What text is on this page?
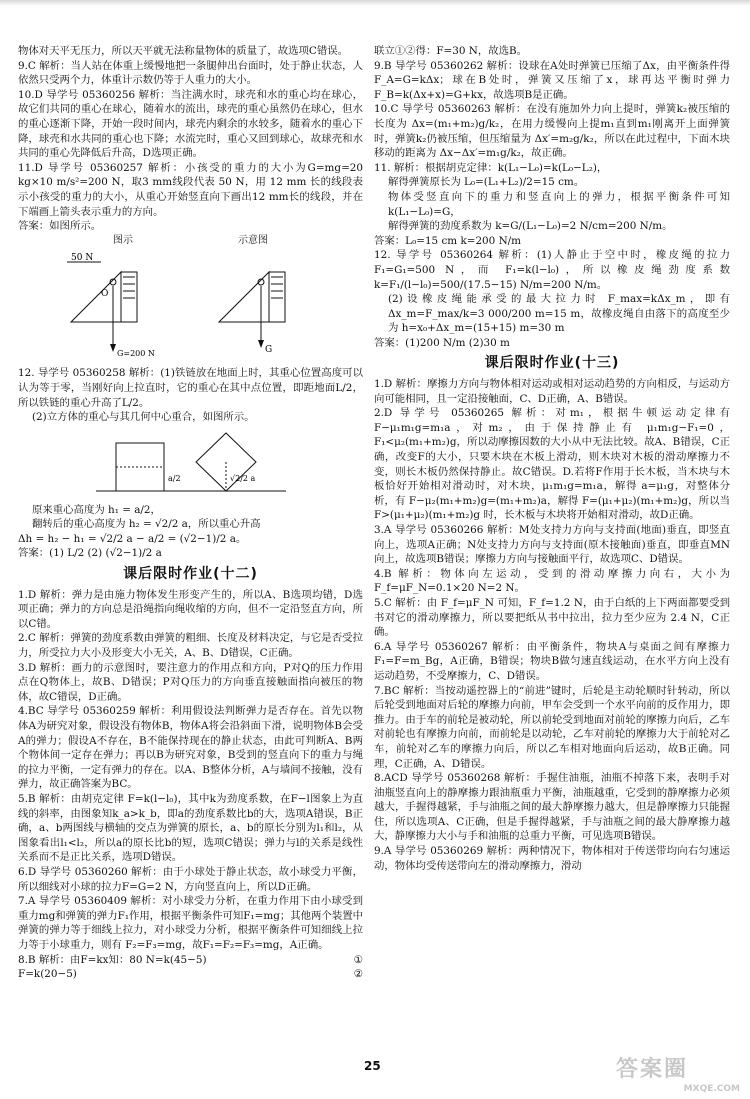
物体对天平无压力，所以天平就无法称量物体的质量了，故选项C错误。

9.C 解析：当人站在体重上缓慢地把一条腿伸出台面时，处于静止状态，人依然只受两个力，体重计示数仍等于人重力的大小。

10.D 导学号 05360256 解析：当注满水时，球壳和水的重心均在球心，故它们共同的重心在球心，随着水的流出，球壳的重心虽然仍在球心，但水的重心逐渐下降，开始一段时间内，球壳内剩余的水较多，随着水的重心下降，球壳和水共同的重心也下降；水流完时，重心又回到球心，故球壳和水共同的重心先降低后升高，D选项正确。

11.D 导学号 05360257 解析：小孩受的重力的大小为G=mg=20 kg×10 m/s²=200 N，取3 mm线段代表 50 N，用 12 mm 长的线段表示小孩受的重力的大小，从重心开始竖直向下画出12 mm长的线段，并在下端画上箭头表示重力的方向。

答案：如图所示。

图示	示意图
50 N
O
G=200 N	G

12. 导学号 05360258 解析：(1)铁链放在地面上时，其重心位置高度可以认为等于零，当刚好向上拉直时，它的重心在其中点位置，即距地面L/2，所以铁链的重心升高了L/2。

(2)立方体的重心与其几何中心重合，如图所示。

a/2	√2/2 a

原来重心高度为 h₁ = a/2，

翻转后的重心高度为 h₂ = √2/2 a，所以重心升高

Δh = h₂ − h₁ = √2/2 a − a/2 = (√2−1)/2 a。

答案：(1) L/2 (2) (√2−1)/2 a

课后限时作业(十二)

1.D 解析：弹力是由施力物体发生形变产生的，所以A、B选项均错，D选项正确；弹力的方向总是沿绳指向绳收缩的方向，但不一定沿竖直方向，所以C错。

2.C 解析：弹簧的劲度系数由弹簧的粗细、长度及材料决定，与它是否受拉力，所受拉力大小及形变大小无关，A、B、D错误，C正确。

3.D 解析：画力的示意图时，要注意力的作用点和方向，P对Q的压力作用点在Q物体上，故B、D错误；P对Q压力的方向垂直接触面指向被压的物体，故C错误，D正确。

4.BC 导学号 05360259 解析：利用假设法判断弹力是否存在。首先以物体A为研究对象，假设没有物体B，物体A将会沿斜面下滑，说明物体B会受A的弹力；假设A不存在，B不能保持现在的静止状态，由此可判断A、B两个物体间一定存在弹力；再以B为研究对象，B受到的竖直向下的重力与绳的拉力平衡，一定有弹力的存在。以A、B整体分析，A与墙间不接触，没有弹力，故正确答案为BC。

5.B 解析：由胡克定律 F=k(l−l₀)，其中k为劲度系数，在F−l图象上为直线的斜率，由图象知k_a>k_b，即a的劲度系数比b的大，选项A错误，B正确，a、b两图线与横轴的交点为弹簧的原长，a、b的原长分别为l₁和l₂，从图象看出l₁<l₂，所以a的原长比b的短，选项C错误；弹力与l的关系是线性关系而不是正比关系，选项D错误。

6.D 导学号 05360260 解析：由于小球处于静止状态，故小球受力平衡，所以细线对小球的拉力F=G=2 N，方向竖直向上，所以D正确。

7.A 导学号 05360409 解析：对小球受力分析，在重力作用下由小球受到重力mg和弹簧的弹力F₁作用，根据平衡条件可知F₁=mg；其他两个装置中弹簧的弹力等于细线上拉力，对小球受力分析，根据平衡条件可知细线上拉力等于小球重力，则有 F₂=F₃=mg，故F₁=F₂=F₃=mg，A正确。

8.B 解析：由F=kx知：80 N=k(45−5)	①
F=k(20−5)	②

联立①②得：F=30 N，故选B。

9.B 导学号 05360262 解析：设球在A处时弹簧已压缩了Δx，由平衡条件得 F_A=G=kΔx；球在B处时，弹簧又压缩了x，球再达平衡时弹力 F_B=k(Δx+x)=G+kx，故选项B是正确。

10.C 导学号 05360263 解析：在没有施加外力向上提时，弹簧k₂被压缩的长度为 Δx=(m₁+m₂)g/k₂，在用力缓慢向上提m₁直到m₁刚离开上面弹簧时，弹簧k₂仍被压缩，但压缩量为 Δx′=m₂g/k₂，所以在此过程中，下面木块移动的距离为 Δx−Δx′=m₁g/k₂，故正确。

11. 解析：根据胡克定律：k(L₁−L₀)=k(L₀−L₂)，

解得弹簧原长为 L₀=(L₁+L₂)/2=15 cm。

物体受竖直向下的重力和竖直向上的弹力，根据平衡条件可知 k(L₁−L₀)=G，

解得弹簧的劲度系数为 k=G/(L₁−L₀)=2 N/cm=200 N/m。

答案：L₀=15 cm k=200 N/m

12. 导学号 05360264 解析：(1)人静止于空中时，橡皮绳的拉力 F₁=G₁=500 N，而 F₁=k(l−l₀)，所以橡皮绳劲度系数 k=F₁/(l−l₀)=500/(17.5−15) N/m=200 N/m。

(2)设橡皮绳能承受的最大拉力时 F_max=kΔx_m，即有 Δx_m=F_max/k=3 000/200 m=15 m，故橡皮绳自由落下的高度至少为 h=x₀+Δx_m=(15+15) m=30 m

答案：(1)200 N/m (2)30 m

课后限时作业(十三)

1.D 解析：摩擦力方向与物体相对运动或相对运动趋势的方向相反，与运动方向可能相同，且一定沿接触面，C、D正确，A、B错误。

2.D 导学号 05360265 解析：对m₁，根据牛顿运动定律有 F−μ₁m₁g=m₁a，对m₂，由于保持静止有 μ₁m₁g−F₁=0，F₁<μ₂(m₁+m₂)g，所以动摩擦因数的大小从中无法比较。故A、B错误，C正确，改变F的大小，只要木块在木板上滑动，则木块对木板的滑动摩擦力不变，则长木板仍然保持静止。故C错误。D.若将F作用于长木板，当木块与木板恰好开始相对滑动时，对木块，μ₁m₁g=m₁a，解得 a=μ₁g，对整体分析，有 F−μ₂(m₁+m₂)g=(m₁+m₂)a，解得 F=(μ₁+μ₂)(m₁+m₂)g，所以当 F>(μ₁+μ₂)(m₁+m₂)g 时，长木板与木块将开始相对滑动，故D正确。

3.A 导学号 05360266 解析：M处支持力方向与支持面(地面)垂直，即竖直向上，选项A正确；N处支持力方向与支持面(原木接触面)垂直，即垂直MN向上，故选项B错误；摩擦力方向与接触面平行，故选项C、D错误。

4.B 解析：物体向左运动，受到的滑动摩擦力向右，大小为 F_f=μF_N=0.1×20 N=2 N。

5.C 解析：由 F_f=μF_N 可知，F_f=1.2 N，由于白纸的上下两面都要受到书对它的滑动摩擦力，所以要把纸从书中拉出，拉力至少应为 2.4 N，C正确。

6.A 导学号 05360267 解析：由平衡条件，物块A与桌面之间有摩擦力 F₁=F=m_Bg，A正确，B错误；物块B做匀速直线运动，在水平方向上没有运动趋势，不受摩擦力，C、D错误。

7.BC 解析：当按动遥控器上的“前进”键时，后轮是主动轮顺时针转动，所以后轮受到地面对后轮的摩擦力向前，甲车会受到一个水平向前的反作用力，即推力。由于车的前轮是被动轮，所以前轮受到地面对前轮的摩擦力向后，乙车对前轮也有摩擦力向前，而前轮是以动轮，乙车对前轮的摩擦力大于前轮对乙车，前轮对乙车的摩擦力向后，所以乙车相对地面向后运动，故B正确。同理，C正确，A、D错误。

8.ACD 导学号 05360268 解析：手握住油瓶，油瓶不掉落下来，表明手对油瓶竖直向上的静摩擦力跟油瓶重力平衡，油瓶越重，它受到的静摩擦力必须越大，手握得越紧，手与油瓶之间的最大静摩擦力越大，但是静摩擦力只能握住，所以选项A、C正确，但是手握得越紧，手与油瓶之间的最大静摩擦力越大，静摩擦力大小与手和油瓶的总重力平衡，可见选项B错误。

9.A 导学号 05360269 解析：两种情况下，物体相对于传送带均向右匀速运动，物体均受传送带向左的滑动摩擦力，滑动

25	答案圈
MXQE.COM
